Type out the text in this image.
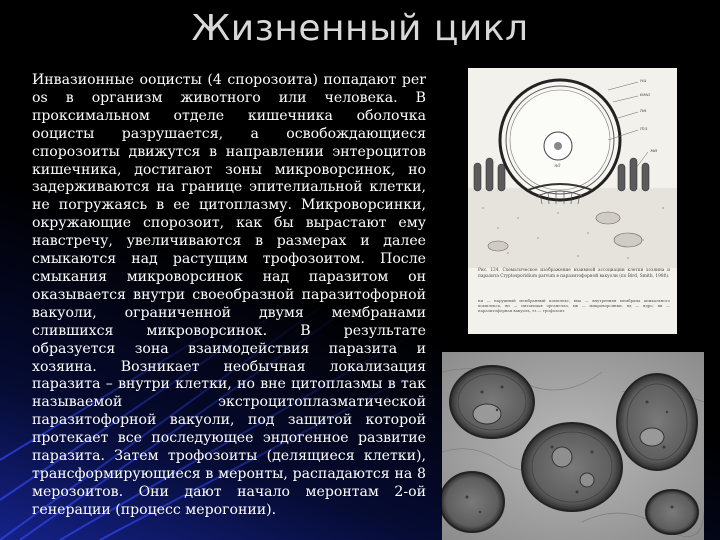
Жизненный цикл
Инвазионные ооцисты (4 спорозоита) попадают per os в организм животного или человека. В проксимальном отделе кишечника оболочка ооцисты разрушается, а освобождающиеся спорозоиты движутся в направлении энтероцитов кишечника, достигают зоны микроворсинок, но задерживаются на границе эпителиальной клетки, не погружаясь в ее цитоплазму. Микроворсинки, окружающие спорозоит, как бы вырастают ему навстречу, увеличиваются в размерах и далее смыкаются над растущим трофозоитом. После смыкания микроворсинок над паразитом он оказывается внутри своеобразной паразитофорной вакуоли, ограниченной двумя мембранами слившихся микроворсинок. В результате образуется зона взаимодействия паразита и хозяина. Возникает необычная локализация паразита – внутри клетки, но вне цитоплазмы в так называемой экстроцитоплазматической паразитофорной вакуоли, под защитой которой протекает все последующее эндогенное развитие паразита. Затем трофозоиты (делящиеся клетки), трансформирующиеся в меронты, распадаются на 8 мерозоитов. Они дают начало меронтам 2-ой генерации (процесс мерогонии).
ни
вма
пв
тз
мв
яд
Рис. 124. Схематическое изображение взаимной ассоциации клетки хозяина и паразита Cryptosporidium parvum в паразитофорной вакуоли (по Bird, Smith, 1980).
ни — наружный мембранный комплекс, вма — внутренняя мембрана апикального комплекса, вп — питающая органелла, мв — микроворсинки, яд — ядро, пв — паразитофорная вакуоль, тз — трофозоит.
